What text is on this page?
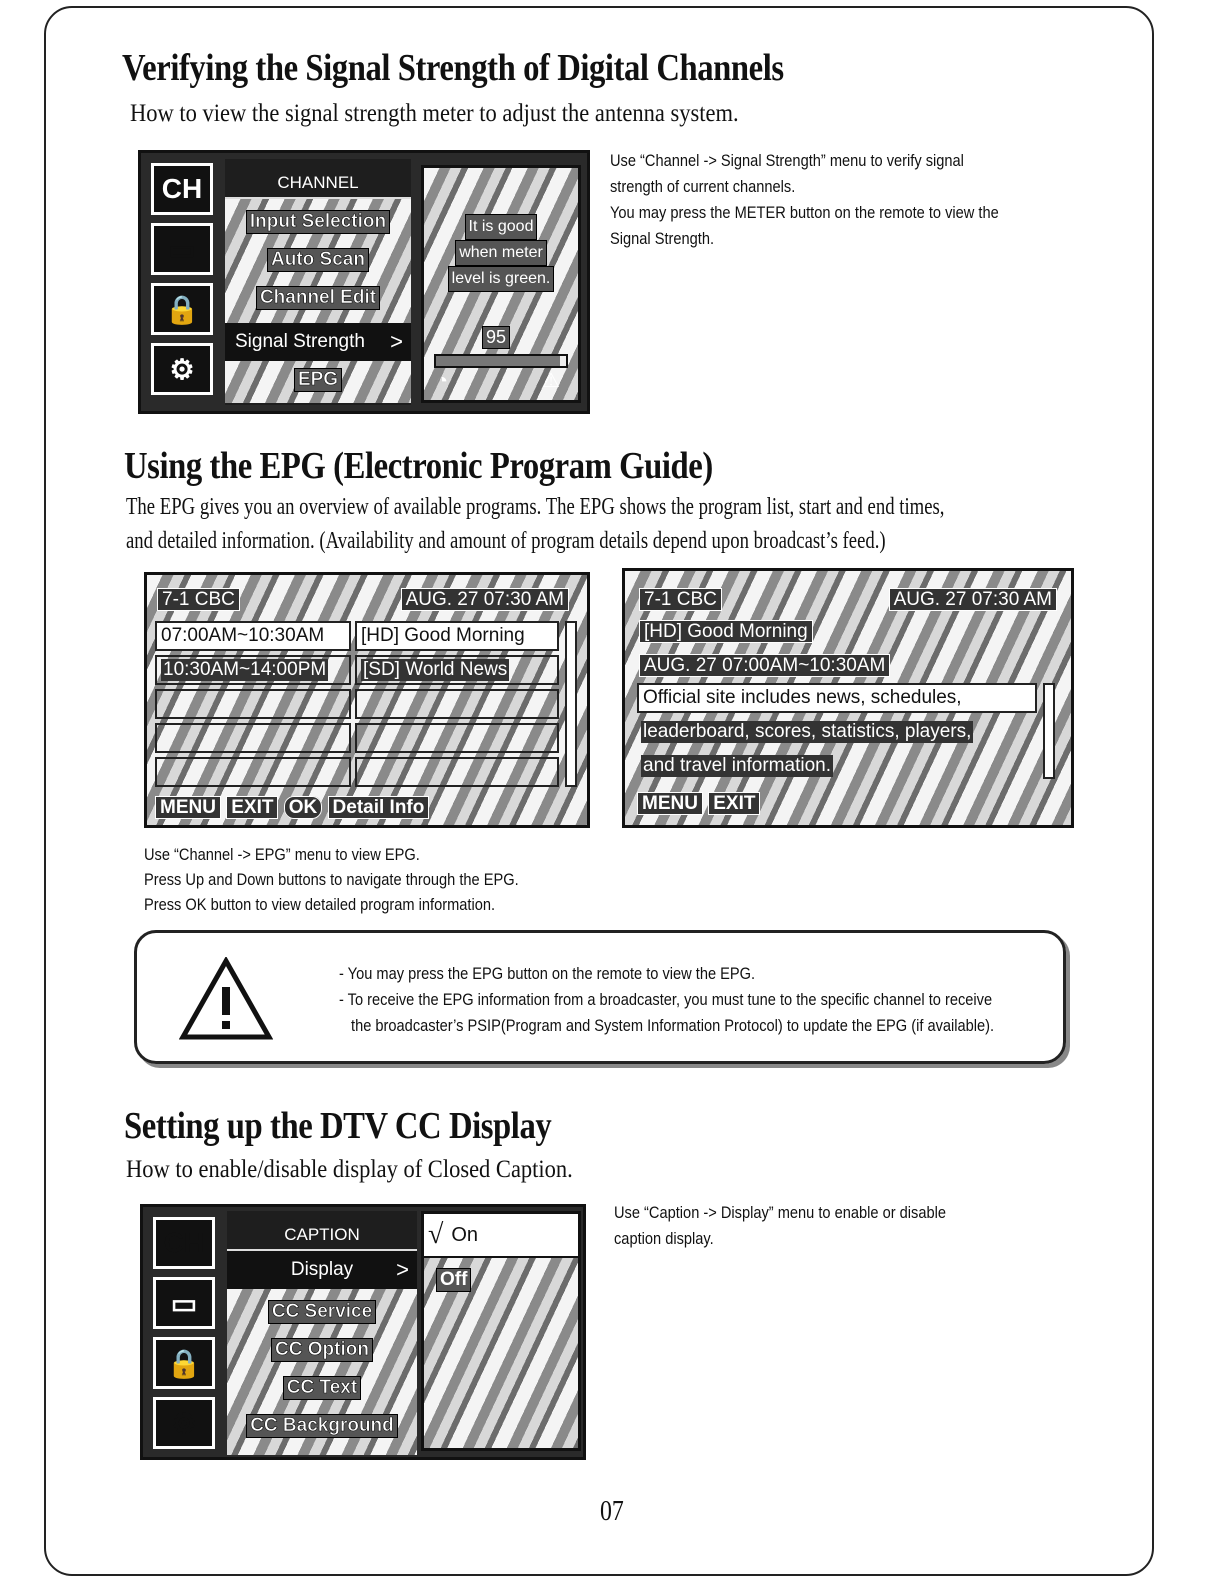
Verifying the Signal Strength of Digital Channels
How to view the signal strength meter to adjust the antenna system.
CH
▭
🔒
⚙
CHANNEL
Input Selection
Auto Scan
Channel Edit
Signal Strength >
EPG
It is good
when meter
level is green.
95
◔	⚠
Use “Channel -> Signal Strength” menu to verify signal
strength of current channels.
You may press the METER button on the remote to view the
Signal Strength.
Using the EPG (Electronic Program Guide)
The EPG gives you an overview of available programs. The EPG shows the program list, start and end times,
and detailed information. (Availability and amount of program details depend upon broadcast’s feed.)
7-1 CBC	AUG. 27 07:30 AM
07:00AM~10:30AM	[HD] Good Morning
10:30AM~14:00PM [SD] World News
MENU EXIT OK Detail Info
7-1 CBC	AUG. 27 07:30 AM
[HD] Good Morning
AUG. 27 07:00AM~10:30AM
Official site includes news, schedules,
leaderboard, scores, statistics, players,
and travel information.
MENU EXIT
Use “Channel -> EPG” menu to view EPG.
Press Up and Down buttons to navigate through the EPG.
Press OK button to view detailed program information.
- You may press the EPG button on the remote to view the EPG.
- To receive the EPG information from a broadcaster, you must tune to the specific channel to receive
the broadcaster’s PSIP(Program and System Information Protocol) to update the EPG (if available).
Setting up the DTV CC Display
How to enable/disable display of Closed Caption.
CH
▭
🔒
⚙
CAPTION
Display >
CC Service
CC Option
CC Text
CC Background
√ On
Off
Use “Caption -> Display” menu to enable or disable
caption display.
07
